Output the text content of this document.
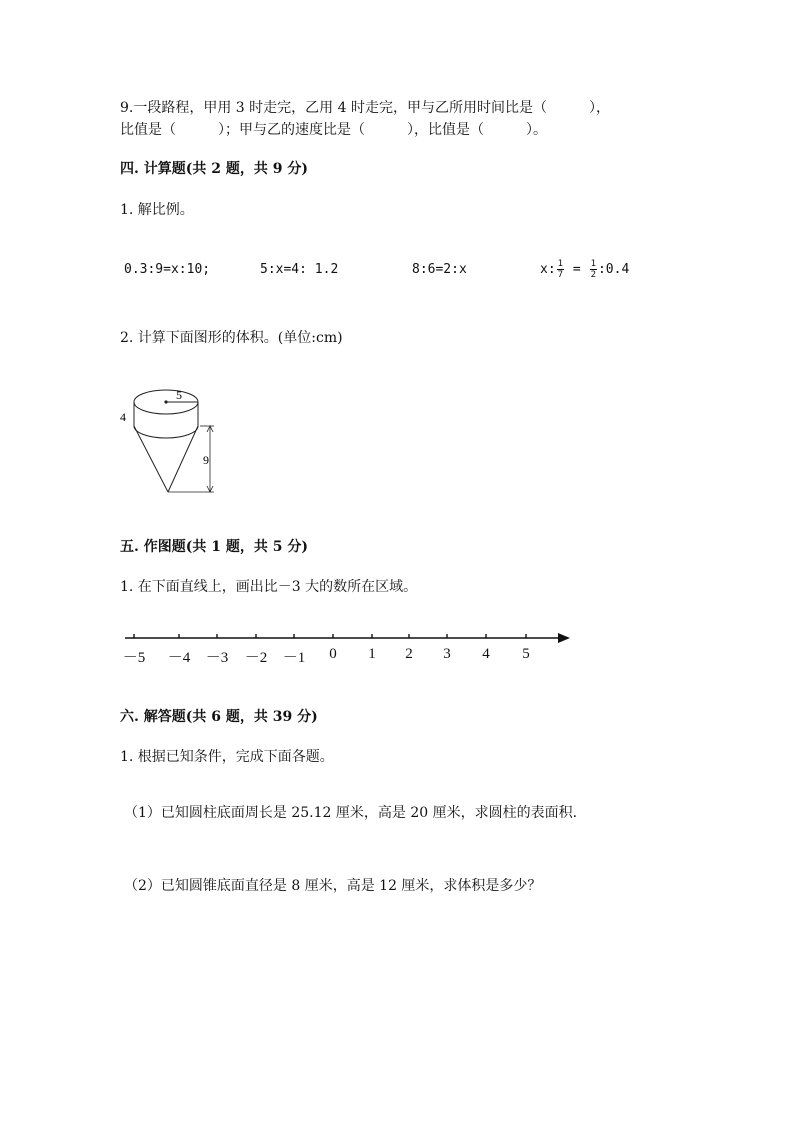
9.一段路程，甲用 3 时走完，乙用 4 时走完，甲与乙所用时间比是（　　　），
比值是（　　　）；甲与乙的速度比是（　　　），比值是（　　　）。
四. 计算题(共 2 题，共 9 分)
1. 解比例。
0.3:9=x:10;	5:x=4: 1.2	8:6=2:x	x: $\frac{1}{7} = \frac{1}{2}$ :0.4
2. 计算下面图形的体积。(单位:cm)
5
4
9
五. 作图题(共 1 题，共 5 分)
1. 在下面直线上，画出比－3 大的数所在区域。
－5 －4 －3 －2 －1 0 1 2 3 4 5
六. 解答题(共 6 题，共 39 分)
1. 根据已知条件，完成下面各题。
（1）已知圆柱底面周长是 25.12 厘米，高是 20 厘米，求圆柱的表面积.
（2）已知圆锥底面直径是 8 厘米，高是 12 厘米，求体积是多少？
